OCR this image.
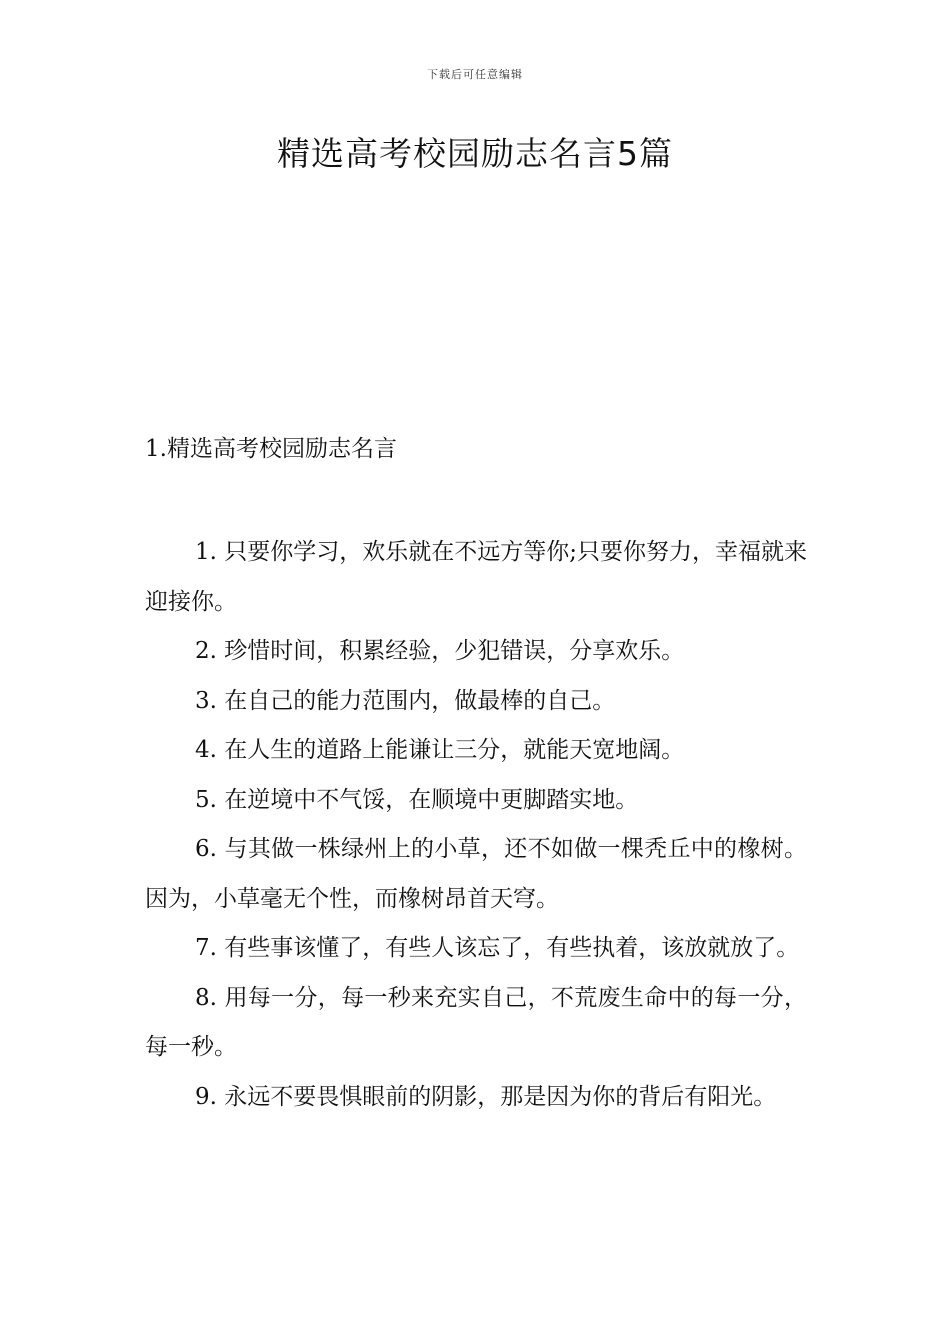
下载后可任意编辑
精选高考校园励志名言5篇
1.精选高考校园励志名言
1. 只要你学习，欢乐就在不远方等你;只要你努力，幸福就来迎接你。
2. 珍惜时间，积累经验，少犯错误，分享欢乐。
3. 在自己的能力范围内，做最棒的自己。
4. 在人生的道路上能谦让三分，就能天宽地阔。
5. 在逆境中不气馁，在顺境中更脚踏实地。
6. 与其做一株绿州上的小草，还不如做一棵秃丘中的橡树。因为，小草毫无个性，而橡树昂首天穹。
7. 有些事该懂了，有些人该忘了，有些执着，该放就放了。
8. 用每一分，每一秒来充实自己，不荒废生命中的每一分，每一秒。
9. 永远不要畏惧眼前的阴影，那是因为你的背后有阳光。
